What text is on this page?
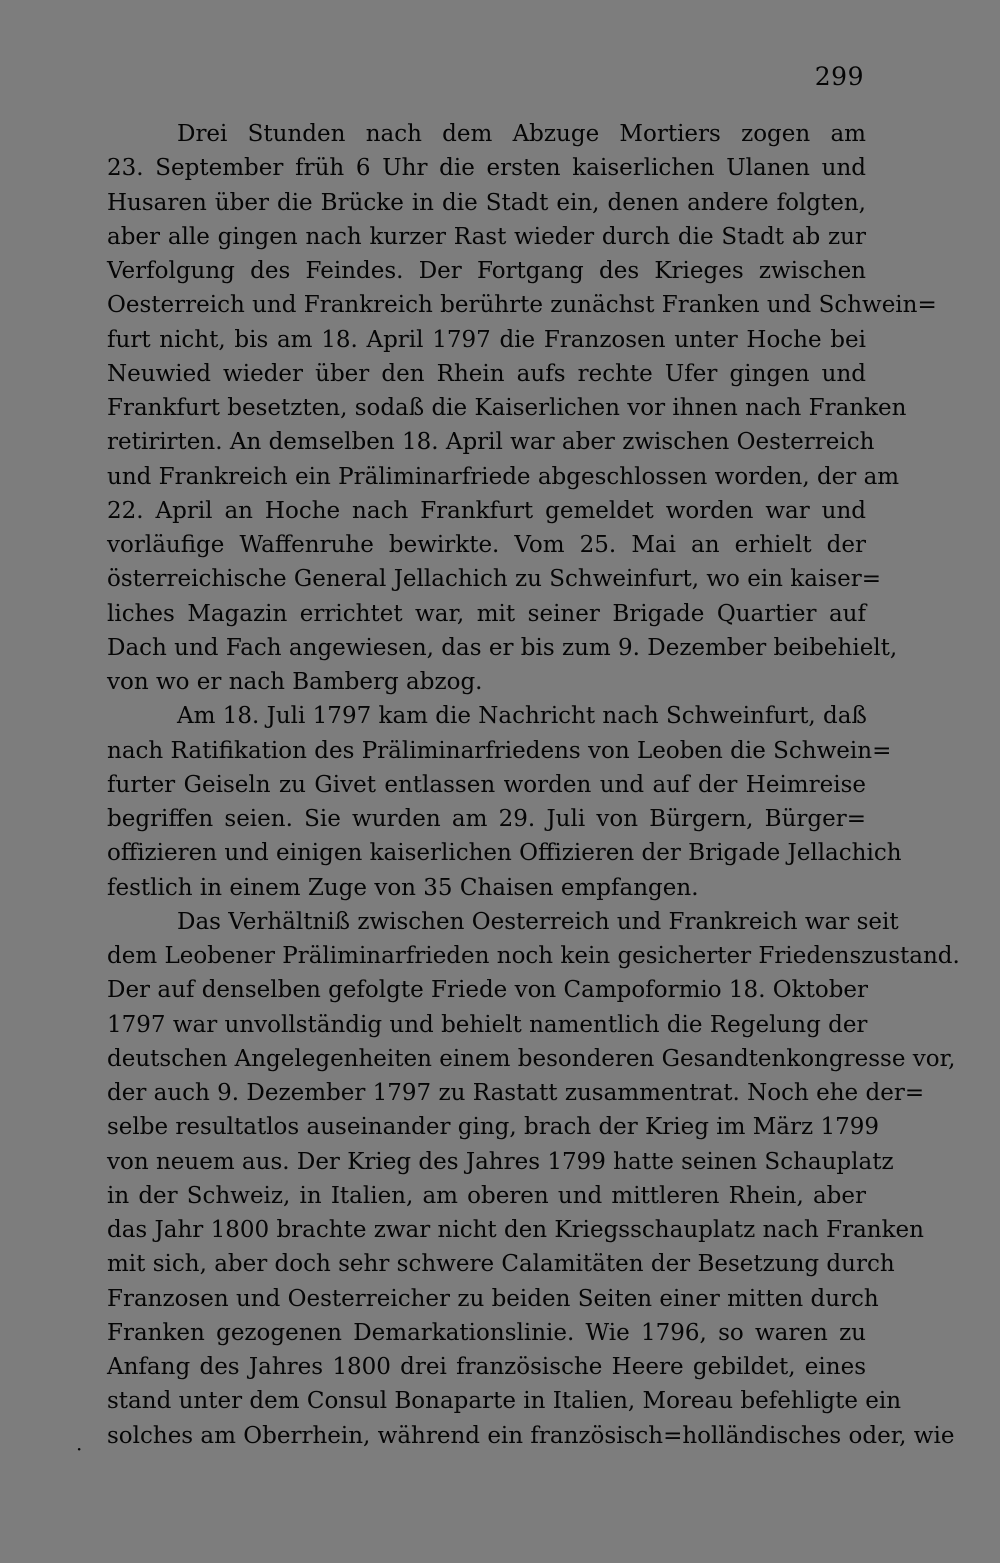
299
Drei Stunden nach dem Abzuge Mortiers zogen am
23. September früh 6 Uhr die ersten kaiserlichen Ulanen und
Husaren über die Brücke in die Stadt ein, denen andere folgten,
aber alle gingen nach kurzer Rast wieder durch die Stadt ab zur
Verfolgung des Feindes. Der Fortgang des Krieges zwischen
Oesterreich und Frankreich berührte zunächst Franken und Schwein=
furt nicht, bis am 18. April 1797 die Franzosen unter Hoche bei
Neuwied wieder über den Rhein aufs rechte Ufer gingen und
Frankfurt besetzten, sodaß die Kaiserlichen vor ihnen nach Franken
retirirten. An demselben 18. April war aber zwischen Oesterreich
und Frankreich ein Präliminarfriede abgeschlossen worden, der am
22. April an Hoche nach Frankfurt gemeldet worden war und
vorläufige Waffenruhe bewirkte. Vom 25. Mai an erhielt der
österreichische General Jellachich zu Schweinfurt, wo ein kaiser=
liches Magazin errichtet war, mit seiner Brigade Quartier auf
Dach und Fach angewiesen, das er bis zum 9. Dezember beibehielt,
von wo er nach Bamberg abzog.
Am 18. Juli 1797 kam die Nachricht nach Schweinfurt, daß
nach Ratifikation des Präliminarfriedens von Leoben die Schwein=
furter Geiseln zu Givet entlassen worden und auf der Heimreise
begriffen seien. Sie wurden am 29. Juli von Bürgern, Bürger=
offizieren und einigen kaiserlichen Offizieren der Brigade Jellachich
festlich in einem Zuge von 35 Chaisen empfangen.
Das Verhältniß zwischen Oesterreich und Frankreich war seit
dem Leobener Präliminarfrieden noch kein gesicherter Friedenszustand.
Der auf denselben gefolgte Friede von Campoformio 18. Oktober
1797 war unvollständig und behielt namentlich die Regelung der
deutschen Angelegenheiten einem besonderen Gesandtenkongresse vor,
der auch 9. Dezember 1797 zu Rastatt zusammentrat. Noch ehe der=
selbe resultatlos auseinander ging, brach der Krieg im März 1799
von neuem aus. Der Krieg des Jahres 1799 hatte seinen Schauplatz
in der Schweiz, in Italien, am oberen und mittleren Rhein, aber
das Jahr 1800 brachte zwar nicht den Kriegsschauplatz nach Franken
mit sich, aber doch sehr schwere Calamitäten der Besetzung durch
Franzosen und Oesterreicher zu beiden Seiten einer mitten durch
Franken gezogenen Demarkationslinie. Wie 1796, so waren zu
Anfang des Jahres 1800 drei französische Heere gebildet, eines
stand unter dem Consul Bonaparte in Italien, Moreau befehligte ein
solches am Oberrhein, während ein französisch=holländisches oder, wie
·
